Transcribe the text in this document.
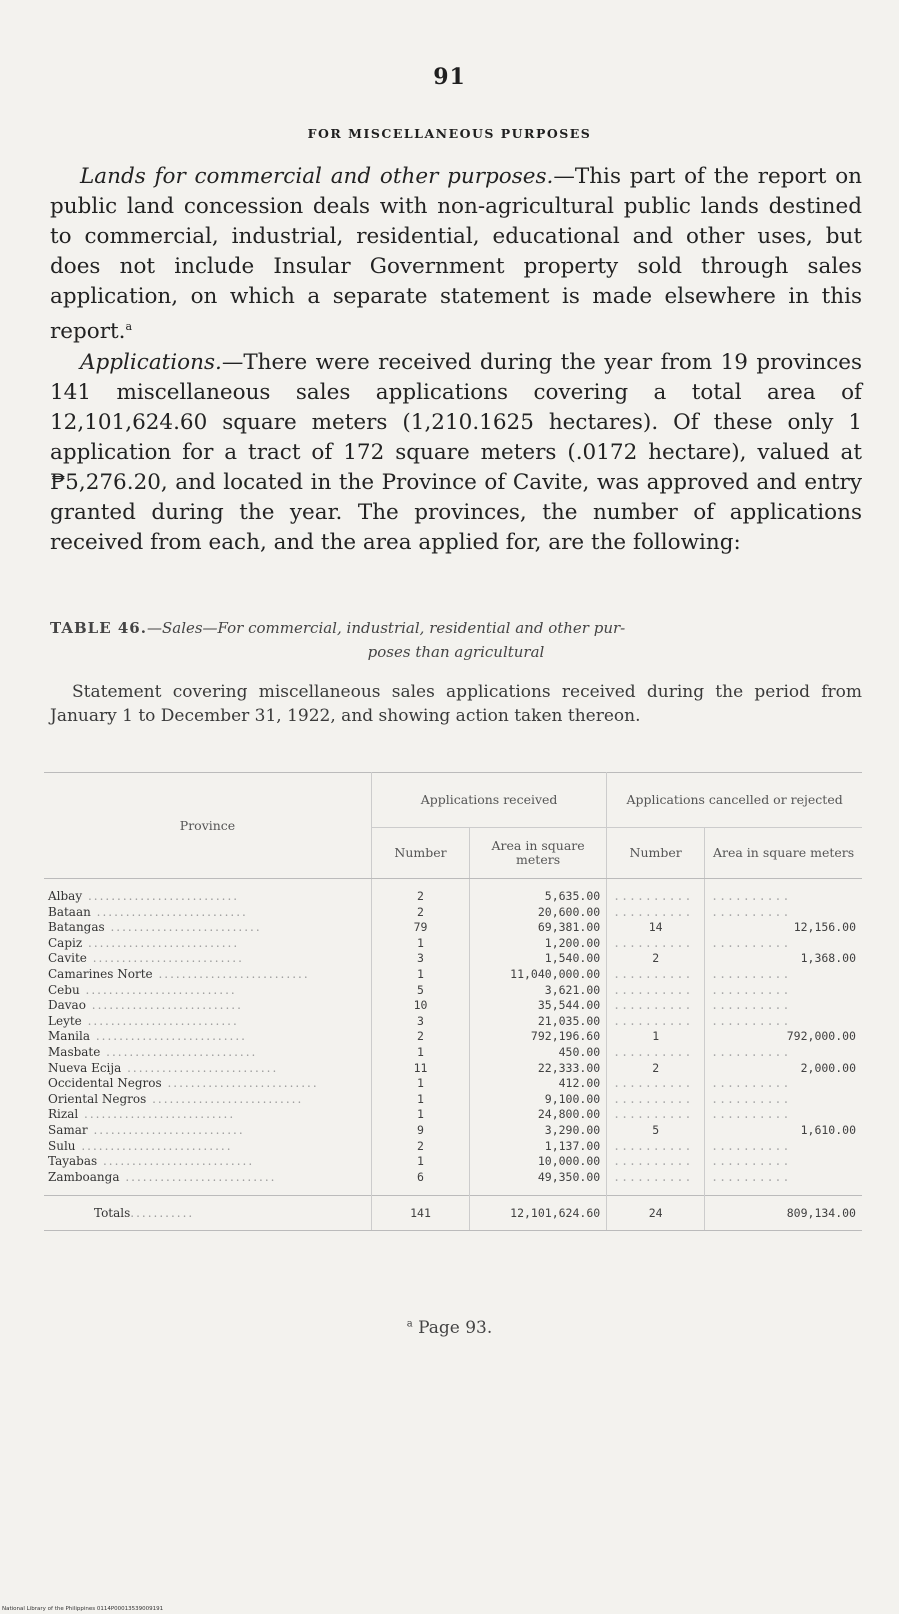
91
FOR MISCELLANEOUS PURPOSES
Lands for commercial and other purposes.—This part of the report on public land concession deals with non-agricultural public lands destined to commercial, industrial, residential, educational and other uses, but does not include Insular Government property sold through sales application, on which a separate statement is made elsewhere in this report.$^a$
Applications.—There were received during the year from 19 provinces 141 miscellaneous sales applications covering a total area of 12,101,624.60 square meters (1,210.1625 hectares). Of these only 1 application for a tract of 172 square meters (.0172 hectare), valued at ₱5,276.20, and located in the Province of Cavite, was approved and entry granted during the year. The provinces, the number of applications received from each, and the area applied for, are the following:
TABLE 46.—Sales—For commercial, industrial, residential and other pur-
poses than agricultural
Statement covering miscellaneous sales applications received during the period from January 1 to December 31, 1922, and showing action taken thereon.
Province	Applications received		Applications cancelled or rejected	
	Number	Area in square meters	Number	Area in square meters
Albay ..........................	2	5,635.00	..........	..........
Bataan ..........................	2	20,600.00	..........	..........
Batangas ..........................	79	69,381.00	14	12,156.00
Capiz ..........................	1	1,200.00	..........	..........
Cavite ..........................	3	1,540.00	2	1,368.00
Camarines Norte ..........................	1	11,040,000.00	..........	..........
Cebu ..........................	5	3,621.00	..........	..........
Davao ..........................	10	35,544.00	..........	..........
Leyte ..........................	3	21,035.00	..........	..........
Manila ..........................	2	792,196.60	1	792,000.00
Masbate ..........................	1	450.00	..........	..........
Nueva Ecija ..........................	11	22,333.00	2	2,000.00
Occidental Negros ..........................	1	412.00	..........	..........
Oriental Negros ..........................	1	9,100.00	..........	..........
Rizal ..........................	1	24,800.00	..........	..........
Samar ..........................	9	3,290.00	5	1,610.00
Sulu ..........................	2	1,137.00	..........	..........
Tayabas ..........................	1	10,000.00	..........	..........
Zamboanga ..........................	6	49,350.00	..........	..........
Totals...........	141	12,101,624.60	24	809,134.00
$^a$ Page 93.
National Library of the Philippines 0114P00013539009191
